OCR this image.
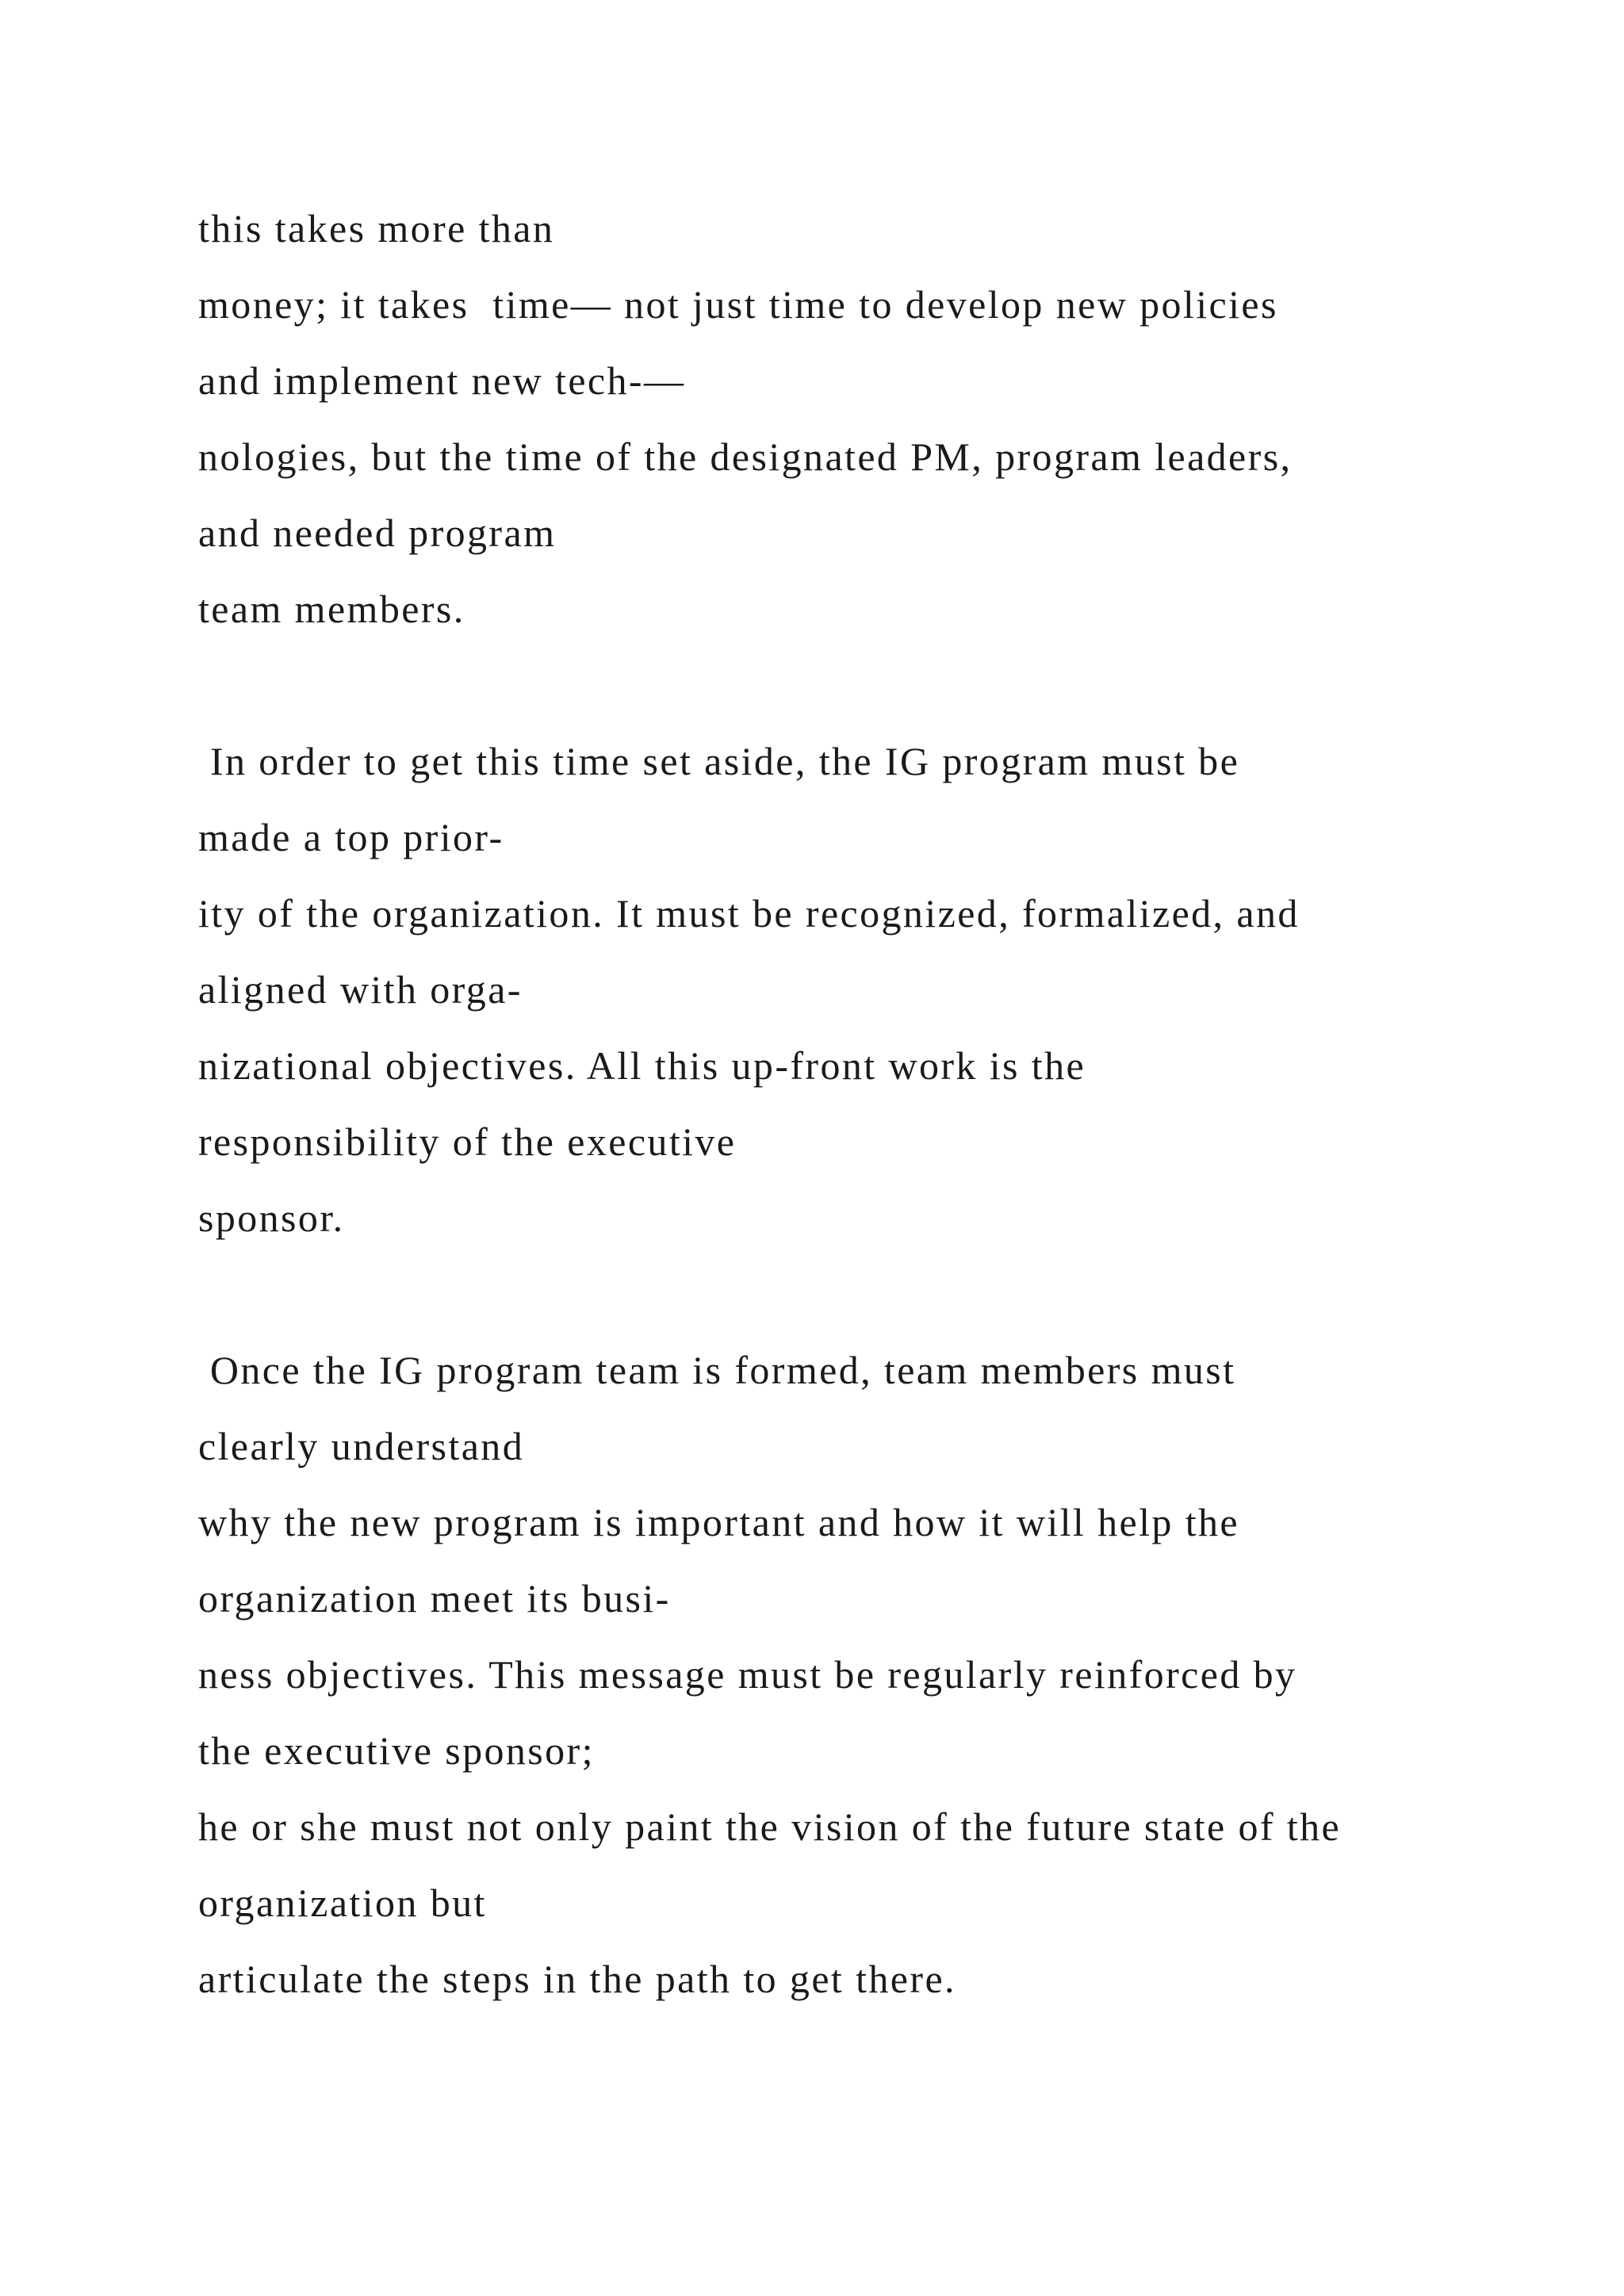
this takes more than
money; it takes  time— not just time to develop new policies
and implement new tech-—
nologies, but the time of the designated PM, program leaders,
and needed program
team members.
In order to get this time set aside, the IG program must be
made a top prior-
ity of the organization. It must be recognized, formalized, and
aligned with orga-
nizational objectives. All this up-front work is the
responsibility of the executive
sponsor.
Once the IG program team is formed, team members must
clearly understand
why the new program is important and how it will help the
organization meet its busi-
ness objectives. This message must be regularly reinforced by
the executive sponsor;
he or she must not only paint the vision of the future state of the
organization but
articulate the steps in the path to get there.
